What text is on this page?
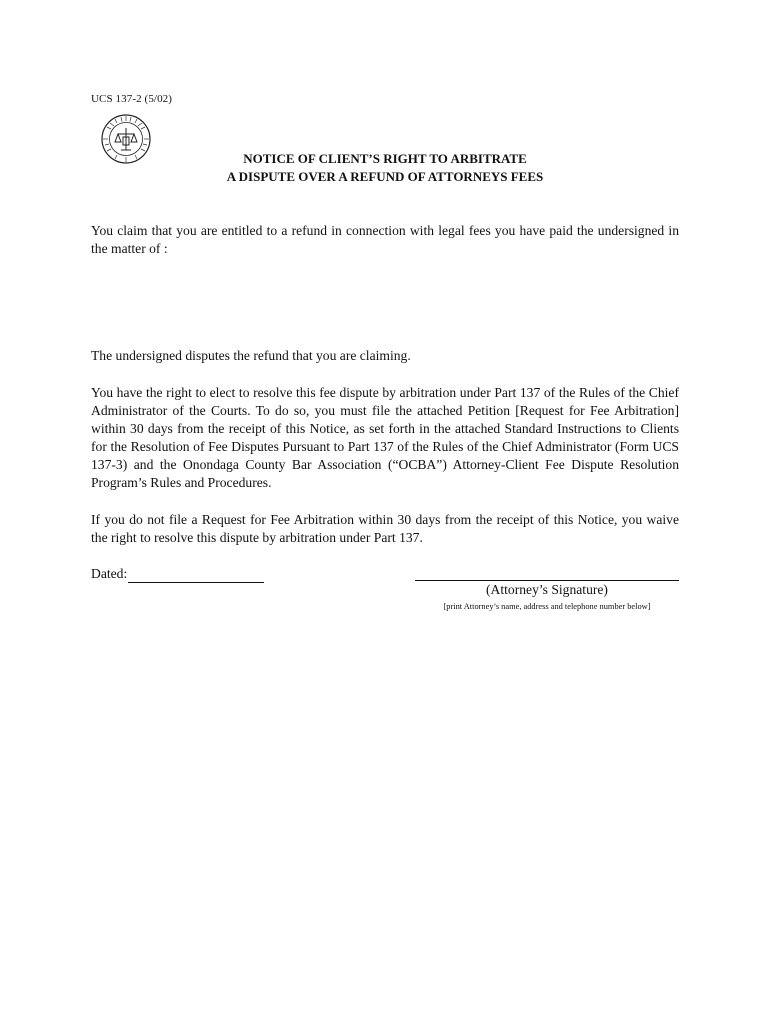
UCS 137-2 (5/02)
NOTICE OF CLIENT’S RIGHT TO ARBITRATE
A DISPUTE OVER A REFUND OF ATTORNEYS FEES

You claim that you are entitled to a refund in connection with legal fees you have paid the undersigned in the matter of :

The undersigned disputes the refund that you are claiming.

You have the right to elect to resolve this fee dispute by arbitration under Part 137 of the Rules of the Chief Administrator of the Courts. To do so, you must file the attached Petition [Request for Fee Arbitration] within 30 days from the receipt of this Notice, as set forth in the attached Standard Instructions to Clients for the Resolution of Fee Disputes Pursuant to Part 137 of the Rules of the Chief Administrator (Form UCS 137-3) and the Onondaga County Bar Association (“OCBA”) Attorney-Client Fee Dispute Resolution Program’s Rules and Procedures.

If you do not file a Request for Fee Arbitration within 30 days from the receipt of this Notice, you waive the right to resolve this dispute by arbitration under Part 137.

Dated:
(Attorney’s Signature)
[print Attorney’s name, address and telephone number below]
